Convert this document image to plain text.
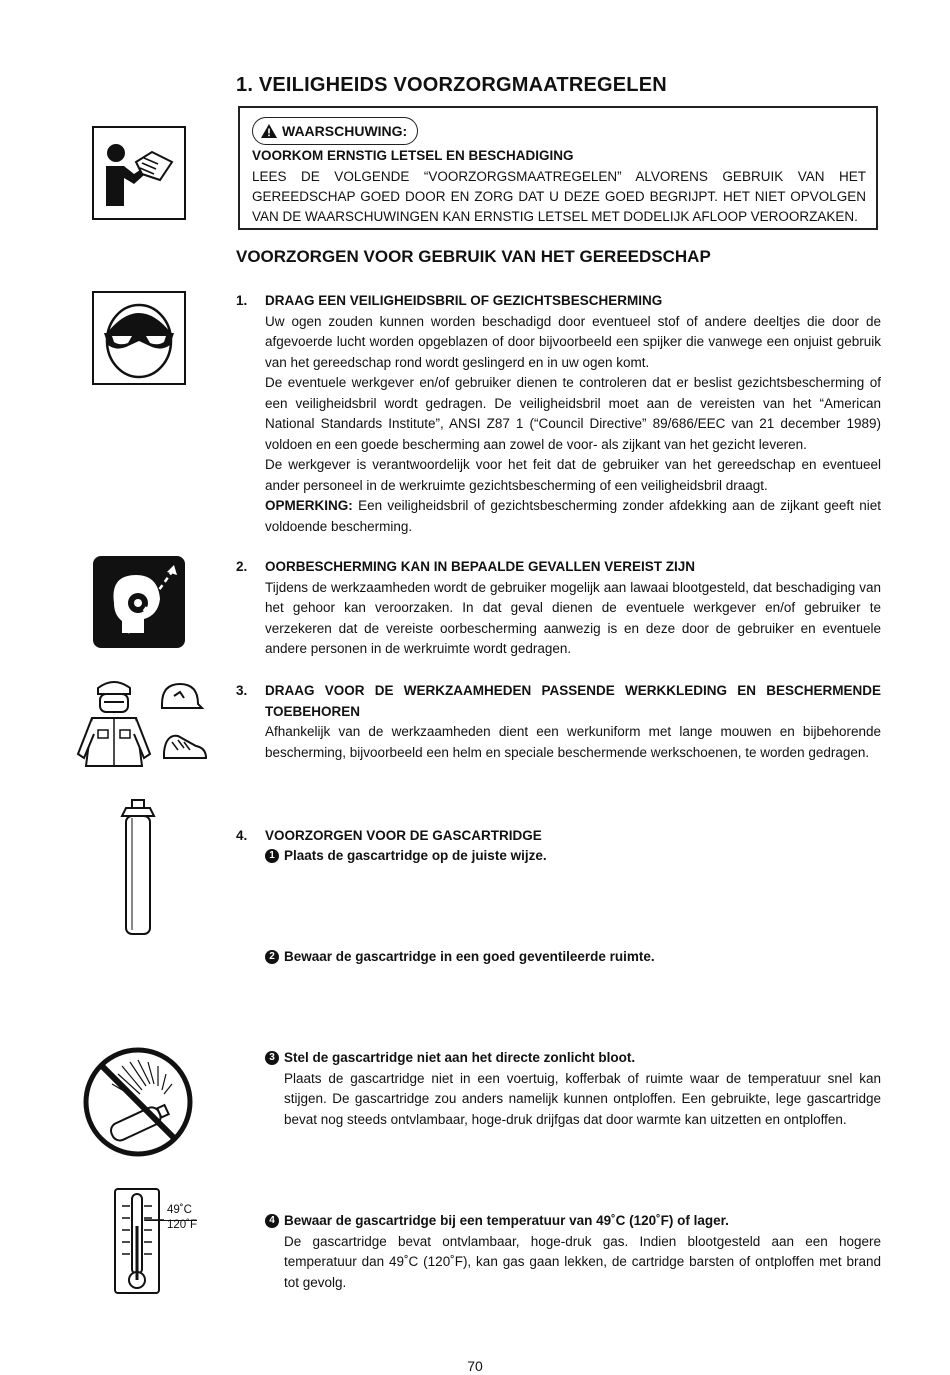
1. VEILIGHEIDS VOORZORGMAATREGELEN
WAARSCHUWING:
VOORKOM ERNSTIG LETSEL EN BESCHADIGING
LEES DE VOLGENDE “VOORZORGSMAATREGELEN” ALVORENS GEBRUIK VAN HET GEREEDSCHAP GOED DOOR EN ZORG DAT U DEZE GOED BEGRIJPT. HET NIET OPVOLGEN VAN DE WAARSCHUWINGEN KAN ERNSTIG LETSEL MET DODELIJK AFLOOP VEROORZAKEN.
VOORZORGEN VOOR GEBRUIK VAN HET GEREEDSCHAP
1. DRAAG EEN VEILIGHEIDSBRIL OF GEZICHTSBESCHERMING
Uw ogen zouden kunnen worden beschadigd door eventueel stof of andere deeltjes die door de afgevoerde lucht worden opgeblazen of door bijvoorbeeld een spijker die vanwege een onjuist gebruik van het gereedschap rond wordt geslingerd en in uw ogen komt.
De eventuele werkgever en/of gebruiker dienen te controleren dat er beslist gezichtsbescherming of een veiligheidsbril wordt gedragen. De veiligheidsbril moet aan de vereisten van het “American National Standards Institute”, ANSI Z87 1 (“Council Directive” 89/686/EEC van 21 december 1989) voldoen en een goede bescherming aan zowel de voor- als zijkant van het gezicht leveren.
De werkgever is verantwoordelijk voor het feit dat de gebruiker van het gereedschap en eventueel ander personeel in de werkruimte gezichtsbescherming of een veiligheidsbril draagt.
OPMERKING: Een veiligheidsbril of gezichtsbescherming zonder afdekking aan de zijkant geeft niet voldoende bescherming.
2. OORBESCHERMING KAN IN BEPAALDE GEVALLEN VEREIST ZIJN
Tijdens de werkzaamheden wordt de gebruiker mogelijk aan lawaai blootgesteld, dat beschadiging van het gehoor kan veroorzaken. In dat geval dienen de eventuele werkgever en/of gebruiker te verzekeren dat de vereiste oorbescherming aanwezig is en deze door de gebruiker en eventuele andere personen in de werkruimte wordt gedragen.
3. DRAAG VOOR DE WERKZAAMHEDEN PASSENDE WERKKLEDING EN BESCHERMENDE TOEBEHOREN
Afhankelijk van de werkzaamheden dient een werkuniform met lange mouwen en bijbehorende bescherming, bijvoorbeeld een helm en speciale beschermende werkschoenen, te worden gedragen.
4. VOORZORGEN VOOR DE GASCARTRIDGE
1 Plaats de gascartridge op de juiste wijze.
2 Bewaar de gascartridge in een goed geventileerde ruimte.
3 Stel de gascartridge niet aan het directe zonlicht bloot.
Plaats de gascartridge niet in een voertuig, kofferbak of ruimte waar de temperatuur snel kan stijgen. De gascartridge zou anders namelijk kunnen ontploffen. Een gebruikte, lege gascartridge bevat nog steeds ontvlambaar, hoge-druk drijfgas dat door warmte kan uitzetten en ontploffen.
49˚C
120˚F	4 Bewaar de gascartridge bij een temperatuur van 49˚C (120˚F) of lager.
De gascartridge bevat ontvlambaar, hoge-druk gas. Indien blootgesteld aan een hogere temperatuur dan 49˚C (120˚F), kan gas gaan lekken, de cartridge barsten of ontploffen met brand tot gevolg.
70
